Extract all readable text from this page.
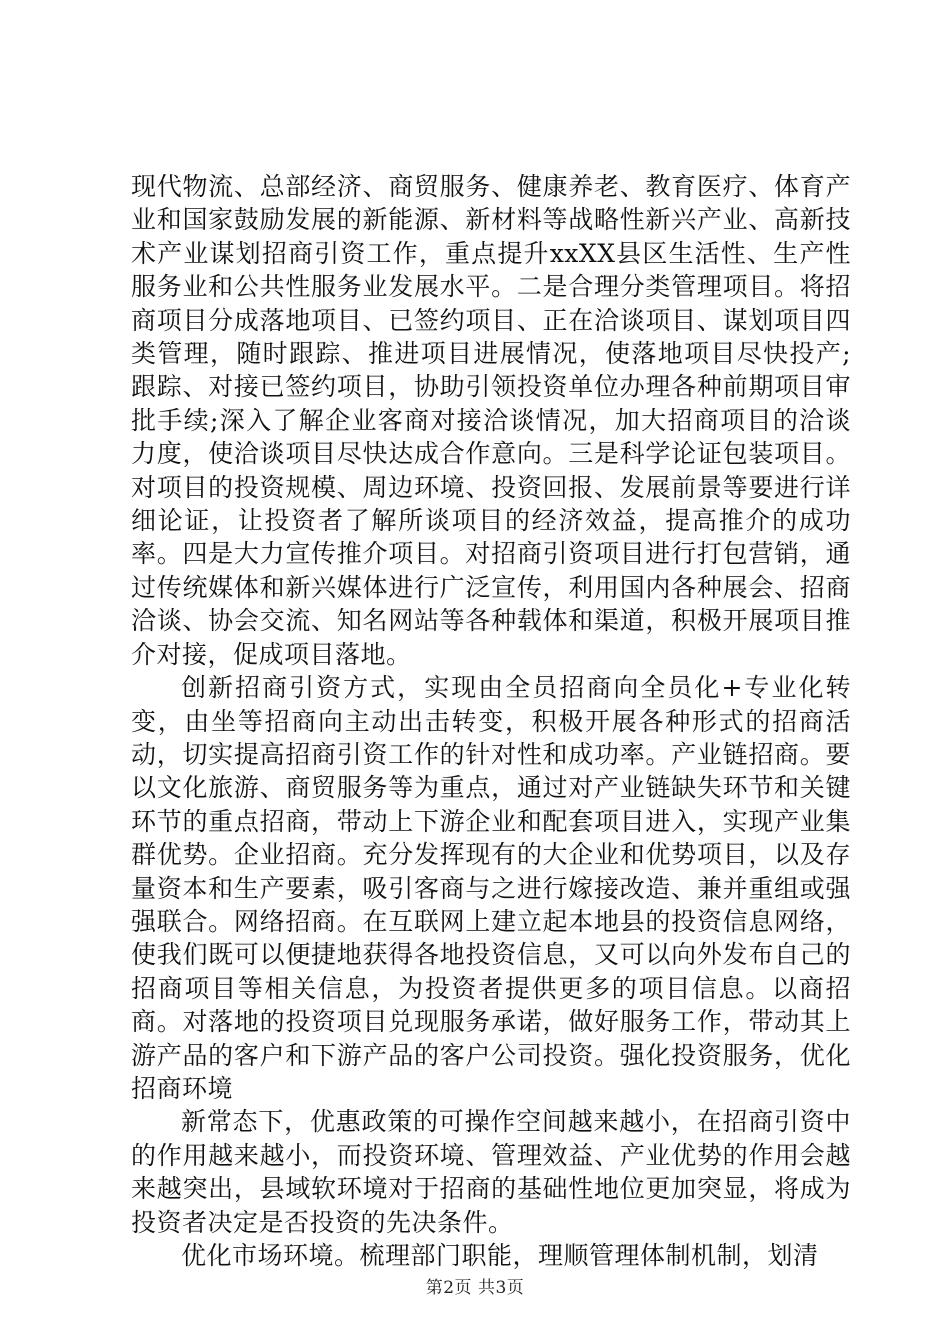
现代物流、总部经济、商贸服务、健康养老、教育医疗、体育产业和国家鼓励发展的新能源、新材料等战略性新兴产业、高新技术产业谋划招商引资工作，重点提升xxXX县区生活性、生产性服务业和公共性服务业发展水平。二是合理分类管理项目。将招商项目分成落地项目、已签约项目、正在洽谈项目、谋划项目四类管理，随时跟踪、推进项目进展情况，使落地项目尽快投产;跟踪、对接已签约项目，协助引领投资单位办理各种前期项目审批手续;深入了解企业客商对接洽谈情况，加大招商项目的洽谈力度，使洽谈项目尽快达成合作意向。三是科学论证包装项目。对项目的投资规模、周边环境、投资回报、发展前景等要进行详细论证，让投资者了解所谈项目的经济效益，提高推介的成功率。四是大力宣传推介项目。对招商引资项目进行打包营销，通过传统媒体和新兴媒体进行广泛宣传，利用国内各种展会、招商洽谈、协会交流、知名网站等各种载体和渠道，积极开展项目推介对接，促成项目落地。

创新招商引资方式，实现由全员招商向全员化+专业化转变，由坐等招商向主动出击转变，积极开展各种形式的招商活动，切实提高招商引资工作的针对性和成功率。产业链招商。要以文化旅游、商贸服务等为重点，通过对产业链缺失环节和关键环节的重点招商，带动上下游企业和配套项目进入，实现产业集群优势。企业招商。充分发挥现有的大企业和优势项目，以及存量资本和生产要素，吸引客商与之进行嫁接改造、兼并重组或强强联合。网络招商。在互联网上建立起本地县的投资信息网络，使我们既可以便捷地获得各地投资信息，又可以向外发布自己的招商项目等相关信息，为投资者提供更多的项目信息。以商招商。对落地的投资项目兑现服务承诺，做好服务工作，带动其上游产品的客户和下游产品的客户公司投资。强化投资服务，优化招商环境

新常态下，优惠政策的可操作空间越来越小，在招商引资中的作用越来越小，而投资环境、管理效益、产业优势的作用会越来越突出，县域软环境对于招商的基础性地位更加突显，将成为投资者决定是否投资的先决条件。

优化市场环境。梳理部门职能，理顺管理体制机制，划清

第2页 共3页
